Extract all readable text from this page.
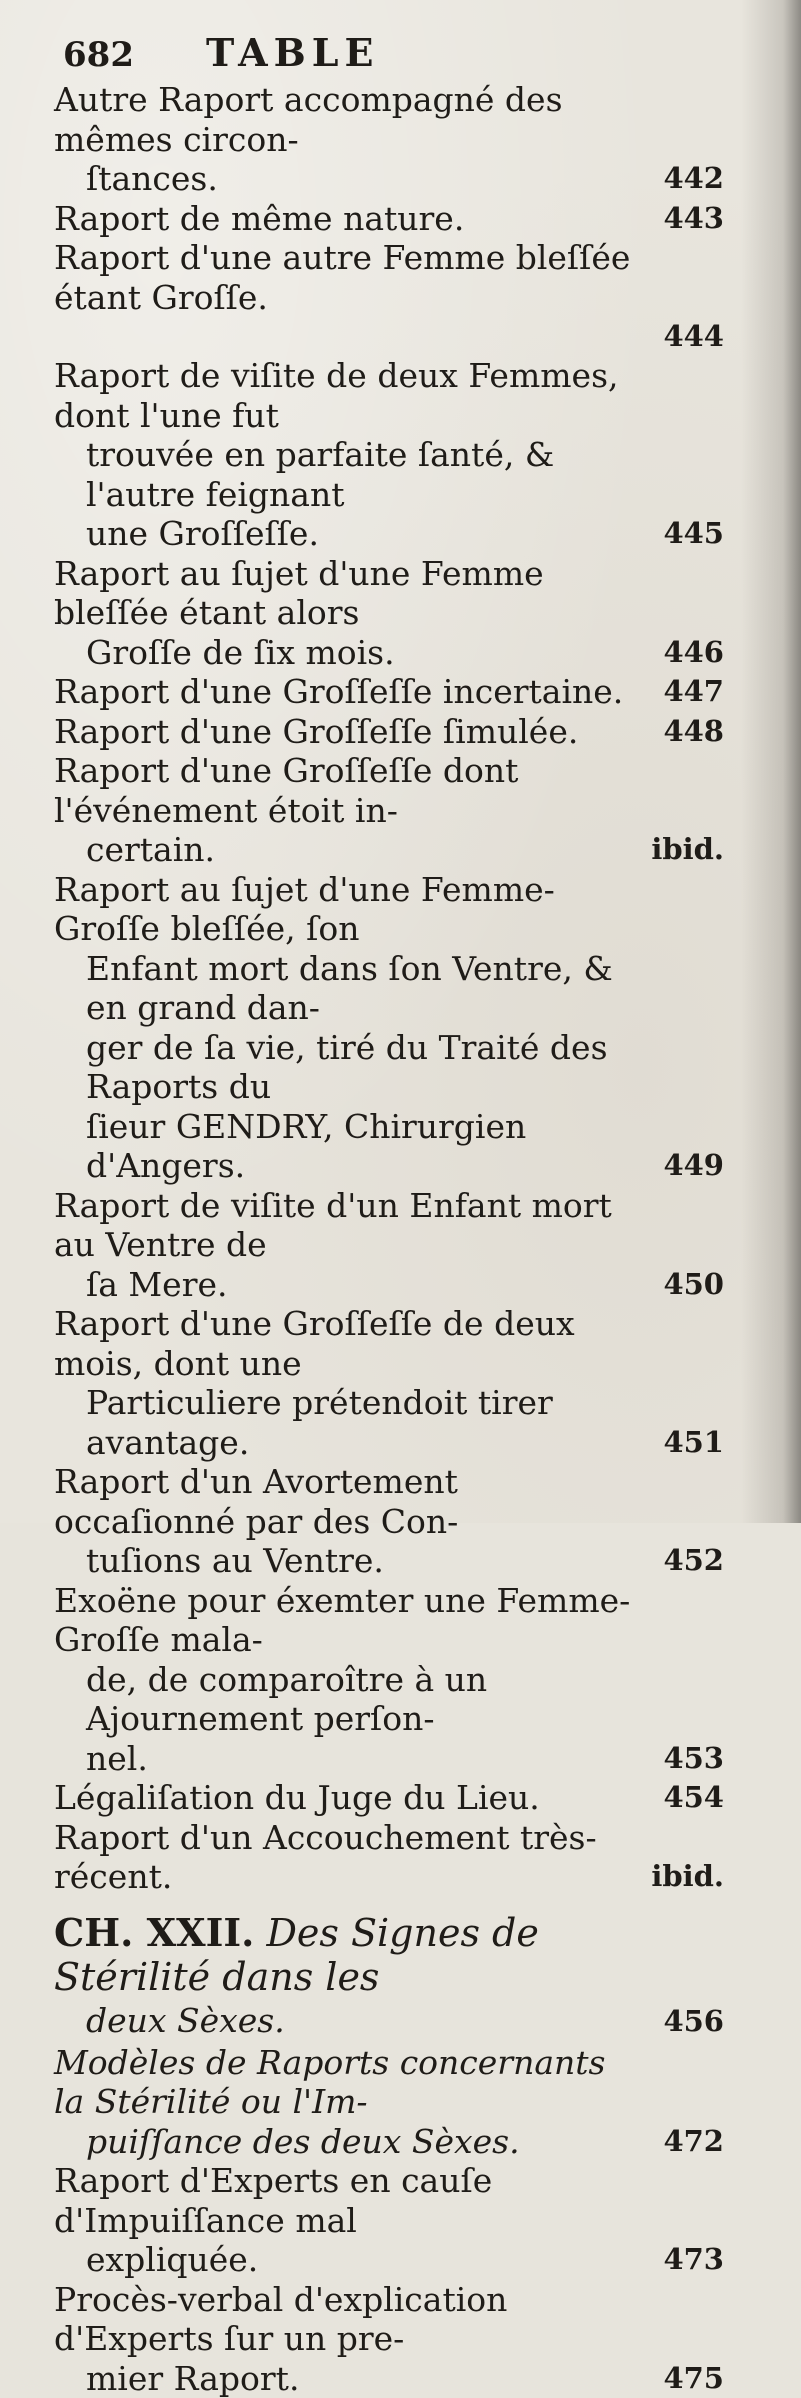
682 TABLE
Autre Raport accompagné des mêmes circon-
ſtances.	442
Raport de même nature.	443
Raport d'une autre Femme bleſſée étant Groſſe.
444
Raport de viſite de deux Femmes, dont l'une fut
trouvée en parfaite ſanté, & l'autre feignant
une Groſſeſſe.	445
Raport au ſujet d'une Femme bleſſée étant alors
Groſſe de ſix mois.	446
Raport d'une Groſſeſſe incertaine.	447
Raport d'une Groſſeſſe ſimulée.	448
Raport d'une Groſſeſſe dont l'événement étoit in-
certain.	ibid.
Raport au ſujet d'une Femme-Groſſe bleſſée, ſon
Enfant mort dans ſon Ventre, & en grand dan-
ger de ſa vie, tiré du Traité des Raports du
ſieur GENDRY, Chirurgien d'Angers.	449
Raport de viſite d'un Enfant mort au Ventre de
ſa Mere.	450
Raport d'une Groſſeſſe de deux mois, dont une
Particuliere prétendoit tirer avantage.	451
Raport d'un Avortement occaſionné par des Con-
tuſions au Ventre.	452
Exoëne pour éxemter une Femme-Groſſe mala-
de, de comparoître à un Ajournement perſon-
nel.	453
Légaliſation du Juge du Lieu.	454
Raport d'un Accouchement très-récent.	ibid.
CH. XXII. Des Signes de Stérilité dans les
deux Sèxes.	456
Modèles de Raports concernants la Stérilité ou l'Im-
puiſſance des deux Sèxes.	472
Raport d'Experts en cauſe d'Impuiſſance mal
expliquée.	473
Procès-verbal d'explication d'Experts ſur un pre-
mier Raport.	475
